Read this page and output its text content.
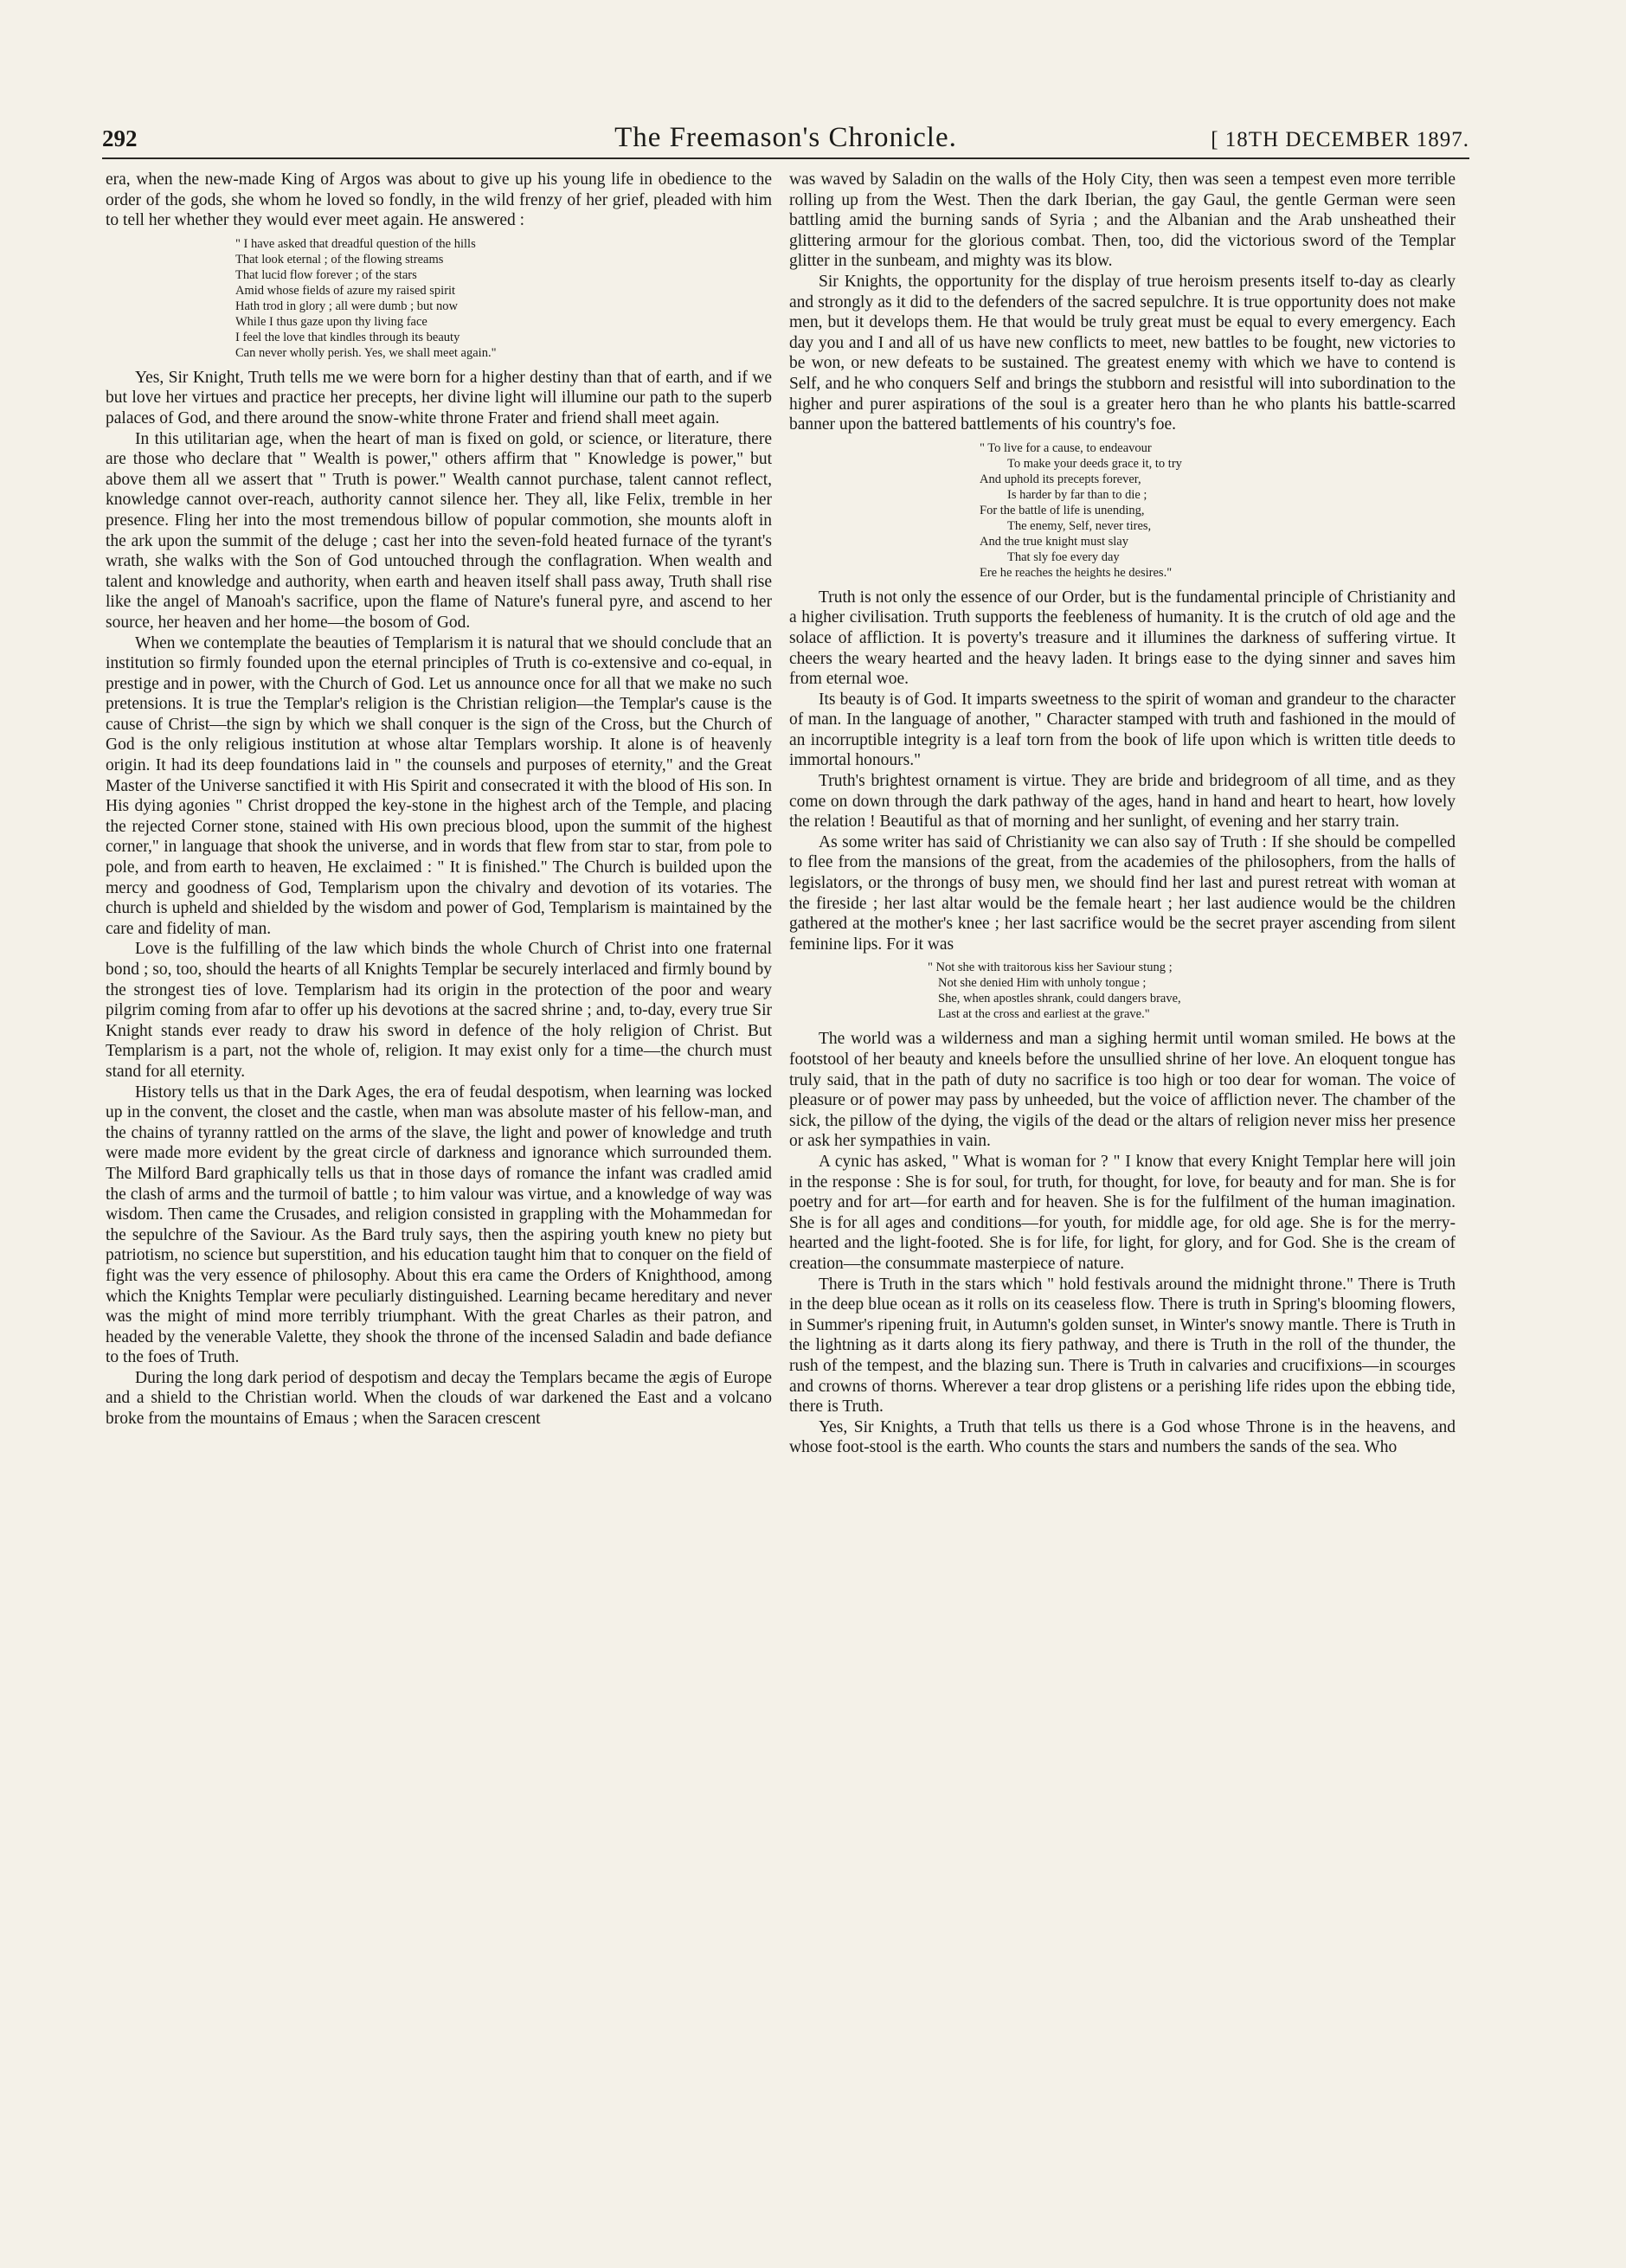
292	The Freemason's Chronicle.	[ 18TH DECEMBER 1897.

era, when the new-made King of Argos was about to give up his young life in obedience to the order of the gods, she whom he loved so fondly, in the wild frenzy of her grief, pleaded with him to tell her whether they would ever meet again. He answered :

" I have asked that dreadful question of the hills
That look eternal ; of the flowing streams
That lucid flow forever ; of the stars
Amid whose fields of azure my raised spirit
Hath trod in glory ; all were dumb ; but now
While I thus gaze upon thy living face
I feel the love that kindles through its beauty
Can never wholly perish. Yes, we shall meet again."

Yes, Sir Knight, Truth tells me we were born for a higher destiny than that of earth, and if we but love her virtues and practice her precepts, her divine light will illumine our path to the superb palaces of God, and there around the snow-white throne Frater and friend shall meet again.

In this utilitarian age, when the heart of man is fixed on gold, or science, or literature, there are those who declare that " Wealth is power," others affirm that " Knowledge is power," but above them all we assert that " Truth is power." Wealth cannot purchase, talent cannot reflect, knowledge cannot over-reach, authority cannot silence her. They all, like Felix, tremble in her presence. Fling her into the most tremendous billow of popular commotion, she mounts aloft in the ark upon the summit of the deluge ; cast her into the seven-fold heated furnace of the tyrant's wrath, she walks with the Son of God untouched through the conflagration. When wealth and talent and knowledge and authority, when earth and heaven itself shall pass away, Truth shall rise like the angel of Manoah's sacrifice, upon the flame of Nature's funeral pyre, and ascend to her source, her heaven and her home—the bosom of God.

When we contemplate the beauties of Templarism it is natural that we should conclude that an institution so firmly founded upon the eternal principles of Truth is co-extensive and co-equal, in prestige and in power, with the Church of God. Let us announce once for all that we make no such pretensions. It is true the Templar's religion is the Christian religion—the Templar's cause is the cause of Christ—the sign by which we shall conquer is the sign of the Cross, but the Church of God is the only religious institution at whose altar Templars worship. It alone is of heavenly origin. It had its deep foundations laid in " the counsels and purposes of eternity," and the Great Master of the Universe sanctified it with His Spirit and consecrated it with the blood of His son. In His dying agonies " Christ dropped the key-stone in the highest arch of the Temple, and placing the rejected Corner stone, stained with His own precious blood, upon the summit of the highest corner," in language that shook the universe, and in words that flew from star to star, from pole to pole, and from earth to heaven, He exclaimed : " It is finished." The Church is builded upon the mercy and goodness of God, Templarism upon the chivalry and devotion of its votaries. The church is upheld and shielded by the wisdom and power of God, Templarism is maintained by the care and fidelity of man.

Love is the fulfilling of the law which binds the whole Church of Christ into one fraternal bond ; so, too, should the hearts of all Knights Templar be securely interlaced and firmly bound by the strongest ties of love. Templarism had its origin in the protection of the poor and weary pilgrim coming from afar to offer up his devotions at the sacred shrine ; and, to-day, every true Sir Knight stands ever ready to draw his sword in defence of the holy religion of Christ. But Templarism is a part, not the whole of, religion. It may exist only for a time—the church must stand for all eternity.

History tells us that in the Dark Ages, the era of feudal despotism, when learning was locked up in the convent, the closet and the castle, when man was absolute master of his fellow-man, and the chains of tyranny rattled on the arms of the slave, the light and power of knowledge and truth were made more evident by the great circle of darkness and ignorance which surrounded them. The Milford Bard graphically tells us that in those days of romance the infant was cradled amid the clash of arms and the turmoil of battle ; to him valour was virtue, and a knowledge of way was wisdom. Then came the Crusades, and religion consisted in grappling with the Mohammedan for the sepulchre of the Saviour. As the Bard truly says, then the aspiring youth knew no piety but patriotism, no science but superstition, and his education taught him that to conquer on the field of fight was the very essence of philosophy. About this era came the Orders of Knighthood, among which the Knights Templar were peculiarly distinguished. Learning became hereditary and never was the might of mind more terribly triumphant. With the great Charles as their patron, and headed by the venerable Valette, they shook the throne of the incensed Saladin and bade defiance to the foes of Truth.

During the long dark period of despotism and decay the Templars became the ægis of Europe and a shield to the Christian world. When the clouds of war darkened the East and a volcano broke from the mountains of Emaus ; when the Saracen crescent

was waved by Saladin on the walls of the Holy City, then was seen a tempest even more terrible rolling up from the West. Then the dark Iberian, the gay Gaul, the gentle German were seen battling amid the burning sands of Syria ; and the Albanian and the Arab unsheathed their glittering armour for the glorious combat. Then, too, did the victorious sword of the Templar glitter in the sunbeam, and mighty was its blow.

Sir Knights, the opportunity for the display of true heroism presents itself to-day as clearly and strongly as it did to the defenders of the sacred sepulchre. It is true opportunity does not make men, but it develops them. He that would be truly great must be equal to every emergency. Each day you and I and all of us have new conflicts to meet, new battles to be fought, new victories to be won, or new defeats to be sustained. The greatest enemy with which we have to contend is Self, and he who conquers Self and brings the stubborn and resistful will into subordination to the higher and purer aspirations of the soul is a greater hero than he who plants his battle-scarred banner upon the battered battlements of his country's foe.

" To live for a cause, to endeavour
To make your deeds grace it, to try
And uphold its precepts forever,
Is harder by far than to die ;
For the battle of life is unending,
The enemy, Self, never tires,
And the true knight must slay
That sly foe every day
Ere he reaches the heights he desires."

Truth is not only the essence of our Order, but is the fundamental principle of Christianity and a higher civilisation. Truth supports the feebleness of humanity. It is the crutch of old age and the solace of affliction. It is poverty's treasure and it illumines the darkness of suffering virtue. It cheers the weary hearted and the heavy laden. It brings ease to the dying sinner and saves him from eternal woe.

Its beauty is of God. It imparts sweetness to the spirit of woman and grandeur to the character of man. In the language of another, " Character stamped with truth and fashioned in the mould of an incorruptible integrity is a leaf torn from the book of life upon which is written title deeds to immortal honours."

Truth's brightest ornament is virtue. They are bride and bridegroom of all time, and as they come on down through the dark pathway of the ages, hand in hand and heart to heart, how lovely the relation ! Beautiful as that of morning and her sunlight, of evening and her starry train.

As some writer has said of Christianity we can also say of Truth : If she should be compelled to flee from the mansions of the great, from the academies of the philosophers, from the halls of legislators, or the throngs of busy men, we should find her last and purest retreat with woman at the fireside ; her last altar would be the female heart ; her last audience would be the children gathered at the mother's knee ; her last sacrifice would be the secret prayer ascending from silent feminine lips. For it was

" Not she with traitorous kiss her Saviour stung ;
Not she denied Him with unholy tongue ;
She, when apostles shrank, could dangers brave,
Last at the cross and earliest at the grave."

The world was a wilderness and man a sighing hermit until woman smiled. He bows at the footstool of her beauty and kneels before the unsullied shrine of her love. An eloquent tongue has truly said, that in the path of duty no sacrifice is too high or too dear for woman. The voice of pleasure or of power may pass by unheeded, but the voice of affliction never. The chamber of the sick, the pillow of the dying, the vigils of the dead or the altars of religion never miss her presence or ask her sympathies in vain.

A cynic has asked, " What is woman for ? " I know that every Knight Templar here will join in the response : She is for soul, for truth, for thought, for love, for beauty and for man. She is for poetry and for art—for earth and for heaven. She is for the fulfilment of the human imagination. She is for all ages and conditions—for youth, for middle age, for old age. She is for the merry-hearted and the light-footed. She is for life, for light, for glory, and for God. She is the cream of creation—the consummate masterpiece of nature.

There is Truth in the stars which " hold festivals around the midnight throne." There is Truth in the deep blue ocean as it rolls on its ceaseless flow. There is truth in Spring's blooming flowers, in Summer's ripening fruit, in Autumn's golden sunset, in Winter's snowy mantle. There is Truth in the lightning as it darts along its fiery pathway, and there is Truth in the roll of the thunder, the rush of the tempest, and the blazing sun. There is Truth in calvaries and crucifixions—in scourges and crowns of thorns. Wherever a tear drop glistens or a perishing life rides upon the ebbing tide, there is Truth.

Yes, Sir Knights, a Truth that tells us there is a God whose Throne is in the heavens, and whose foot-stool is the earth. Who counts the stars and numbers the sands of the sea. Who
